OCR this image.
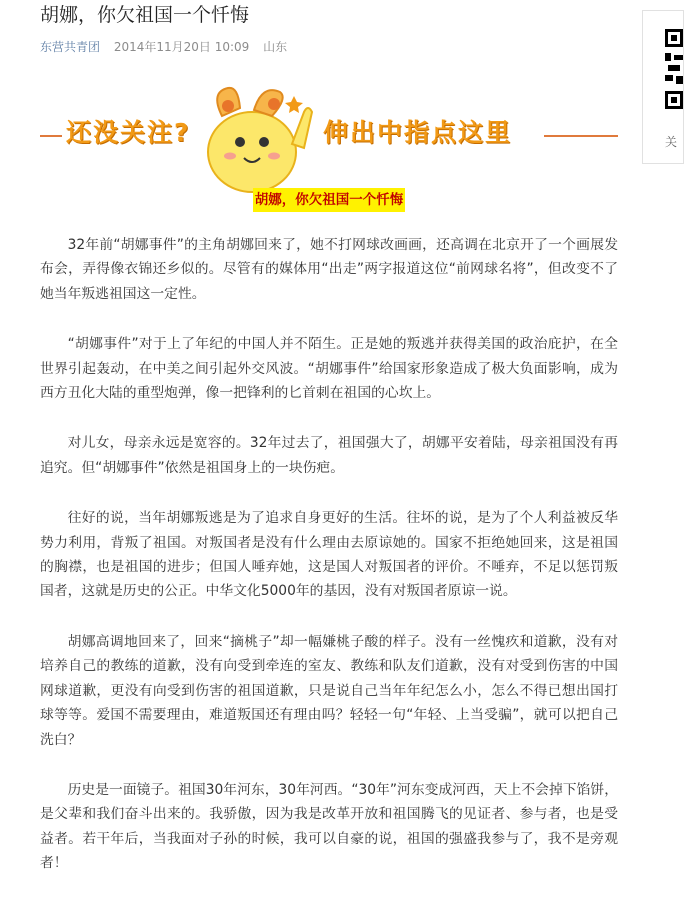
胡娜，你欠祖国一个忏悔
东营共青团 2014年11月20日 10:09 山东
还没关注?	伸出中指点这里
胡娜，你欠祖国一个忏悔

32年前“胡娜事件”的主角胡娜回来了，她不打网球改画画，还高调在北京开了一个画展发布会，弄得像衣锦还乡似的。尽管有的媒体用“出走”两字报道这位“前网球名将”，但改变不了她当年叛逃祖国这一定性。

“胡娜事件”对于上了年纪的中国人并不陌生。正是她的叛逃并获得美国的政治庇护，在全世界引起轰动，在中美之间引起外交风波。“胡娜事件”给国家形象造成了极大负面影响，成为西方丑化大陆的重型炮弹，像一把锋利的匕首刺在祖国的心坎上。

对儿女，母亲永远是宽容的。32年过去了，祖国强大了，胡娜平安着陆，母亲祖国没有再追究。但“胡娜事件”依然是祖国身上的一块伤疤。

往好的说，当年胡娜叛逃是为了追求自身更好的生活。往坏的说，是为了个人利益被反华势力利用，背叛了祖国。对叛国者是没有什么理由去原谅她的。国家不拒绝她回来，这是祖国的胸襟，也是祖国的进步；但国人唾弃她，这是国人对叛国者的评价。不唾弃，不足以惩罚叛国者，这就是历史的公正。中华文化5000年的基因，没有对叛国者原谅一说。

胡娜高调地回来了，回来“摘桃子”却一幅嫌桃子酸的样子。没有一丝愧疚和道歉，没有对培养自己的教练的道歉，没有向受到牵连的室友、教练和队友们道歉，没有对受到伤害的中国网球道歉，更没有向受到伤害的祖国道歉，只是说自己当年年纪怎么小，怎么不得已想出国打球等等。爱国不需要理由，难道叛国还有理由吗？轻轻一句“年轻、上当受骗”，就可以把自己洗白？

历史是一面镜子。祖国30年河东，30年河西。“30年”河东变成河西，天上不会掉下馅饼，是父辈和我们奋斗出来的。我骄傲，因为我是改革开放和祖国腾飞的见证者、参与者，也是受益者。若干年后，当我面对子孙的时候，我可以自豪的说，祖国的强盛我参与了，我不是旁观者！

关
